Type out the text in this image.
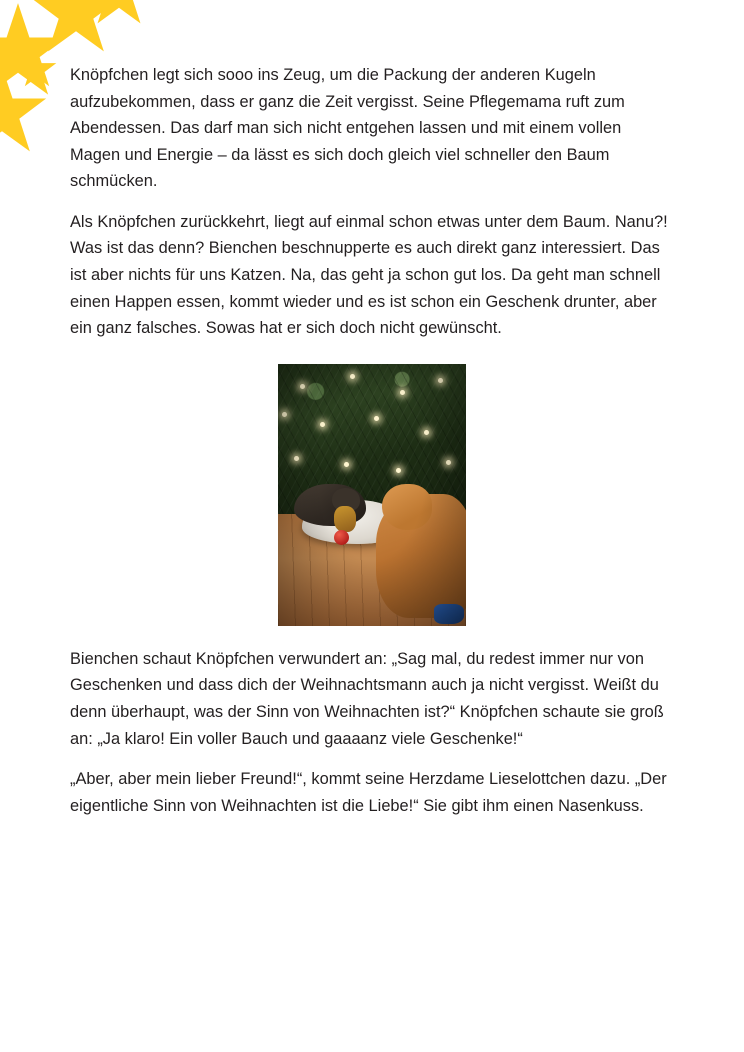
Knöpfchen legt sich sooo ins Zeug, um die Packung der anderen Kugeln aufzubekommen, dass er ganz die Zeit vergisst. Seine Pflegemama ruft zum Abendessen. Das darf man sich nicht entgehen lassen und mit einem vollen Magen und Energie – da lässt es sich doch gleich viel schneller den Baum schmücken.

Als Knöpfchen zurückkehrt, liegt auf einmal schon etwas unter dem Baum. Nanu?! Was ist das denn? Bienchen beschnupperte es auch direkt ganz interessiert. Das ist aber nichts für uns Katzen. Na, das geht ja schon gut los. Da geht man schnell einen Happen essen, kommt wieder und es ist schon ein Geschenk drunter, aber ein ganz falsches. Sowas hat er sich doch nicht gewünscht.

Bienchen schaut Knöpfchen verwundert an: „Sag mal, du redest immer nur von Geschenken und dass dich der Weihnachtsmann auch ja nicht vergisst. Weißt du denn überhaupt, was der Sinn von Weihnachten ist?“ Knöpfchen schaute sie groß an: „Ja klaro! Ein voller Bauch und gaaaanz viele Geschenke!“

„Aber, aber mein lieber Freund!“, kommt seine Herzdame Lieselottchen dazu. „Der eigentliche Sinn von Weihnachten ist die Liebe!“ Sie gibt ihm einen Nasenkuss.
